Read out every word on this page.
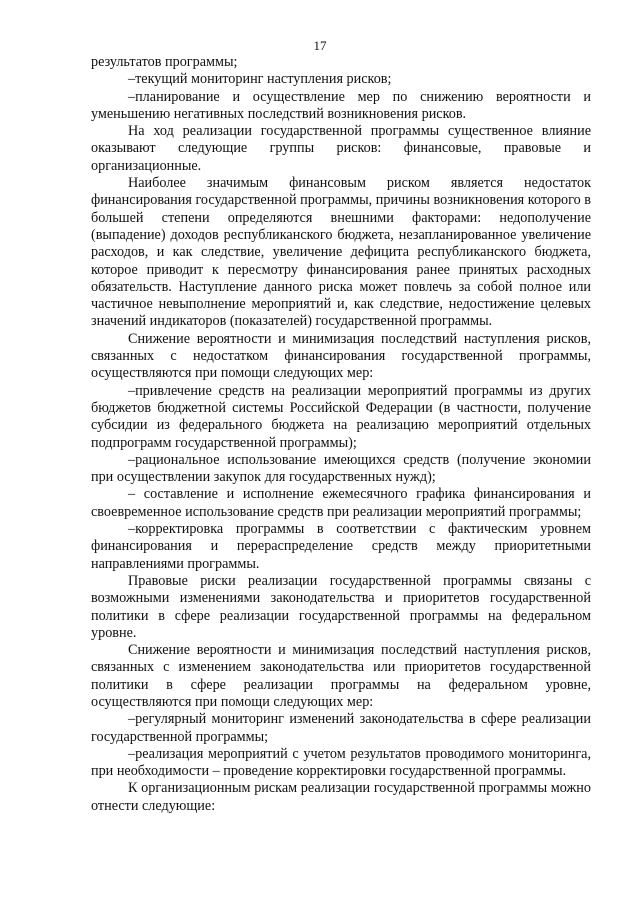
17

результатов программы;

–текущий мониторинг наступления рисков;

–планирование и осуществление мер по снижению вероятности и уменьшению негативных последствий возникновения рисков.

На ход реализации государственной программы существенное влияние оказывают следующие группы рисков: финансовые, правовые и организационные.

Наиболее значимым финансовым риском является недостаток финансирования государственной программы, причины возникновения которого в большей степени определяются внешними факторами: недополучение (выпадение) доходов республиканского бюджета, незапланированное увеличение расходов, и как следствие, увеличение дефицита республиканского бюджета, которое приводит к пересмотру финансирования ранее принятых расходных обязательств. Наступление данного риска может повлечь за собой полное или частичное невыполнение мероприятий и, как следствие, недостижение целевых значений индикаторов (показателей) государственной программы.

Снижение вероятности и минимизация последствий наступления рисков, связанных с недостатком финансирования государственной программы, осуществляются при помощи следующих мер:

–привлечение средств на реализации мероприятий программы из других бюджетов бюджетной системы Российской Федерации (в частности, получение субсидии из федерального бюджета на реализацию мероприятий отдельных подпрограмм государственной программы);

–рациональное использование имеющихся средств (получение экономии при осуществлении закупок для государственных нужд);

– составление и исполнение ежемесячного графика финансирования и своевременное использование средств при реализации мероприятий программы;

–корректировка программы в соответствии с фактическим уровнем финансирования и перераспределение средств между приоритетными направлениями программы.

Правовые риски реализации государственной программы связаны с возможными изменениями законодательства и приоритетов государственной политики в сфере реализации государственной программы на федеральном уровне.

Снижение вероятности и минимизация последствий наступления рисков, связанных с изменением законодательства или приоритетов государственной политики в сфере реализации программы на федеральном уровне, осуществляются при помощи следующих мер:

–регулярный мониторинг изменений законодательства в сфере реализации государственной программы;

–реализация мероприятий с учетом результатов проводимого мониторинга, при необходимости – проведение корректировки государственной программы.

К организационным рискам реализации государственной программы можно отнести следующие:
